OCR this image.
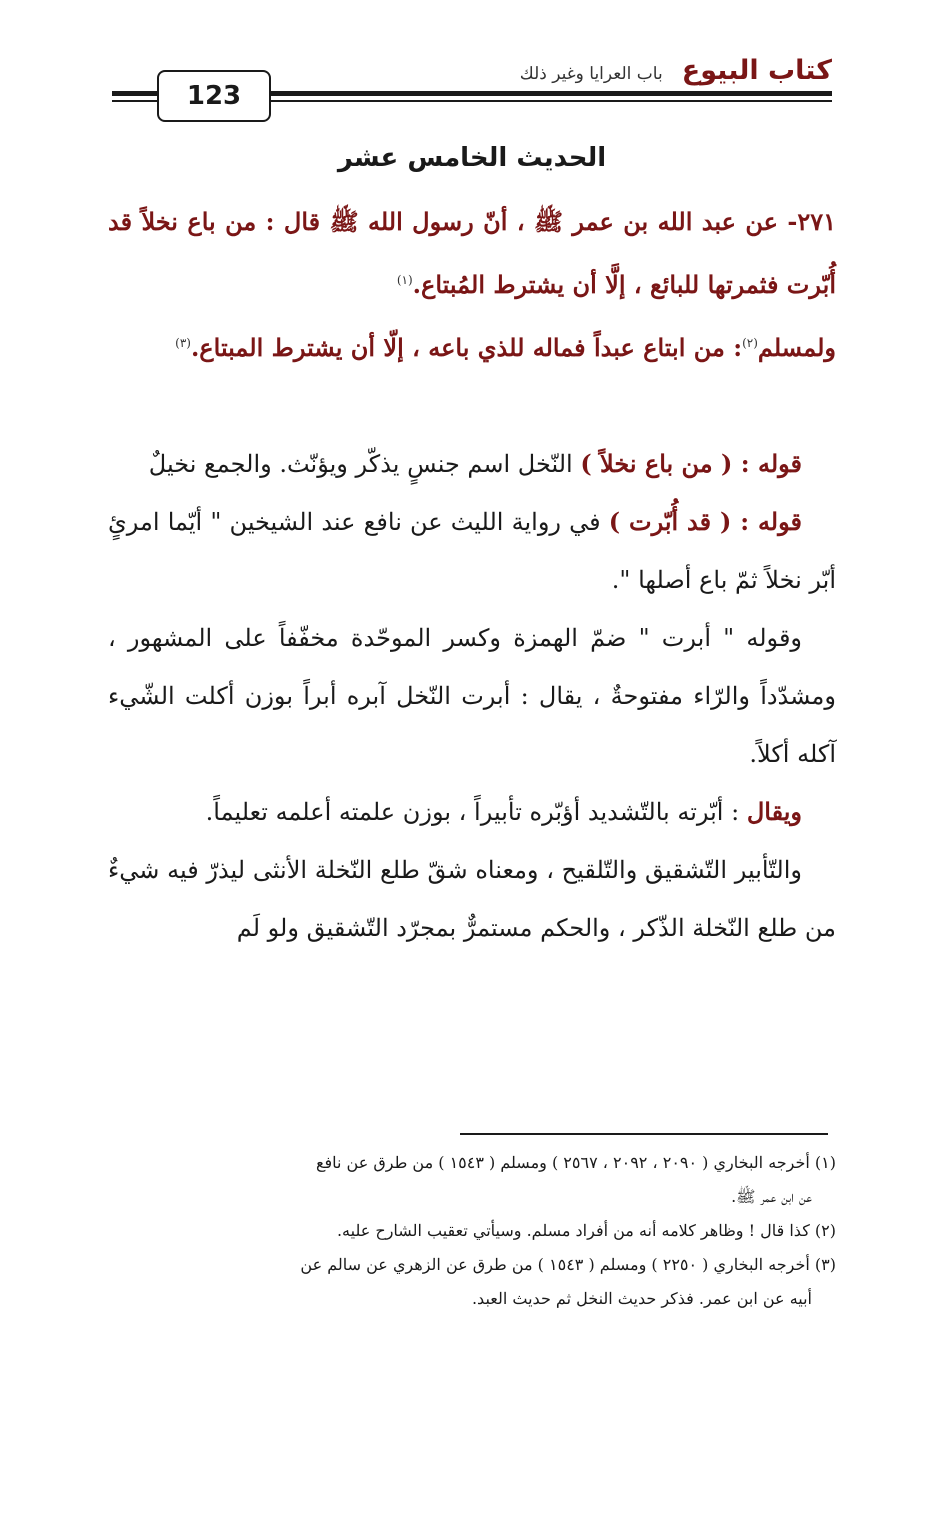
كتاب البيوع باب العرايا وغير ذلك
123
الحديث الخامس عشر

٢٧١- عن عبد الله بن عمر ﷺ ، أنّ رسول الله ﷺ قال : من باع نخلاً قد أُبّرت فثمرتها للبائع ، إلَّا أن يشترط المُبتاع.$^{(١)}$

ولمسلم$^{(٢)}$: من ابتاع عبداً فماله للذي باعه ، إلّا أن يشترط المبتاع.$^{(٣)}$

قوله : ( من باع نخلاً ) النّخل اسم جنسٍ يذكّر ويؤنّث. والجمع نخيلٌ

قوله : ( قد أُبّرت ) في رواية الليث عن نافع عند الشيخين " أيّما امرئٍ أبّر نخلاً ثمّ باع أصلها ".

وقوله " أبرت " ضمّ الهمزة وكسر الموحّدة مخفّفاً على المشهور ، ومشدّداً والرّاء مفتوحةٌ ، يقال : أبرت النّخل آبره أبراً بوزن أكلت الشّيء آكله أكلاً.

ويقال : أبّرته بالتّشديد أؤبّره تأبيراً ، بوزن علمته أعلمه تعليماً.

والتّأبير التّشقيق والتّلقيح ، ومعناه شقّ طلع النّخلة الأنثى ليذرّ فيه شيءٌ من طلع النّخلة الذّكر ، والحكم مستمرٌّ بمجرّد التّشقيق ولو لَم

(١) أخرجه البخاري ( ٢٠٩٠ ، ٢٠٩٢ ، ٢٥٦٧ ) ومسلم ( ١٥٤٣ ) من طرق عن نافع

عن ابن عمر ﷺ.

(٢) كذا قال ! وظاهر كلامه أنه من أفراد مسلم. وسيأتي تعقيب الشارح عليه.

(٣) أخرجه البخاري ( ٢٢٥٠ ) ومسلم ( ١٥٤٣ ) من طرق عن الزهري عن سالم عن

أبيه عن ابن عمر. فذكر حديث النخل ثم حديث العبد.
